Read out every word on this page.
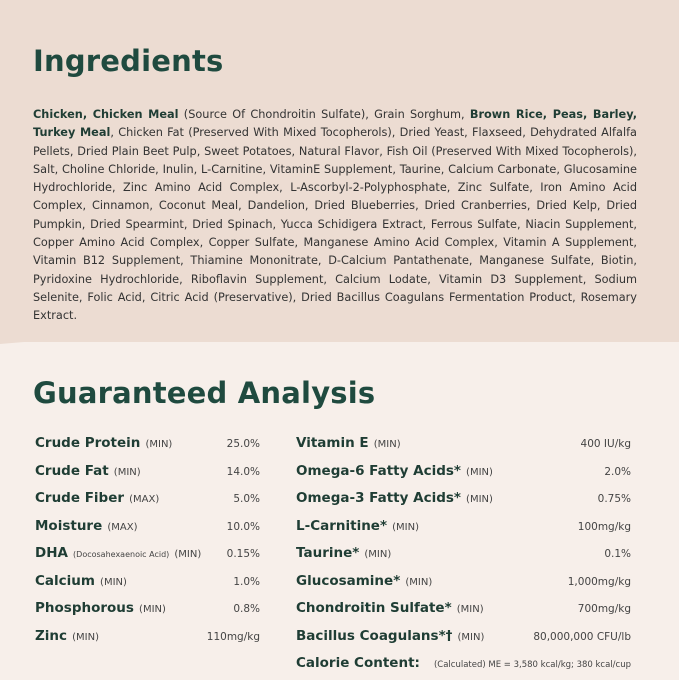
Ingredients

Chicken, Chicken Meal (Source Of Chondroitin Sulfate), Grain Sorghum, Brown Rice, Peas, Barley, Turkey Meal, Chicken Fat (Preserved With Mixed Tocopherols), Dried Yeast, Flaxseed, Dehydrated Alfalfa Pellets, Dried Plain Beet Pulp, Sweet Potatoes, Natural Flavor, Fish Oil (Preserved With Mixed Tocopherols), Salt, Choline Chloride, Inulin, L-Carnitine, VitaminE Supplement, Taurine, Calcium Carbonate, Glucosamine Hydrochloride, Zinc Amino Acid Complex, L-Ascorbyl-2-Polyphosphate, Zinc Sulfate, Iron Amino Acid Complex, Cinnamon, Coconut Meal, Dandelion, Dried Blueberries, Dried Cranberries, Dried Kelp, Dried Pumpkin, Dried Spearmint, Dried Spinach, Yucca Schidigera Extract, Ferrous Sulfate, Niacin Supplement, Copper Amino Acid Complex, Copper Sulfate, Manganese Amino Acid Complex, Vitamin A Supplement, Vitamin B12 Supplement, Thiamine Mononitrate, D-Calcium Pantathenate, Manganese Sulfate, Biotin, Pyridoxine Hydrochloride, Riboflavin Supplement, Calcium Lodate, Vitamin D3 Supplement, Sodium Selenite, Folic Acid, Citric Acid (Preservative), Dried Bacillus Coagulans Fermentation Product, Rosemary Extract.

Guaranteed Analysis
Crude Protein (MIN)	25.0%
Crude Fat (MIN)	14.0%
Crude Fiber (MAX)	5.0%
Moisture (MAX)	10.0%
DHA (Docosahexaenoic Acid) (MIN) 0.15%
Calcium (MIN)	1.0%
Phosphorous (MIN)	0.8%
Zinc (MIN)	110mg/kg
Vitamin E (MIN)	400 IU/kg
Omega-6 Fatty Acids* (MIN)	2.0%
Omega-3 Fatty Acids* (MIN)	0.75%
L-Carnitine* (MIN)	100mg/kg
Taurine* (MIN)	0.1%
Glucosamine* (MIN)	1,000mg/kg
Chondroitin Sulfate* (MIN)	700mg/kg
Bacillus Coagulans*† (MIN)	80,000,000 CFU/lb
Calorie Content: (Calculated) ME = 3,580 kcal/kg; 380 kcal/cup
